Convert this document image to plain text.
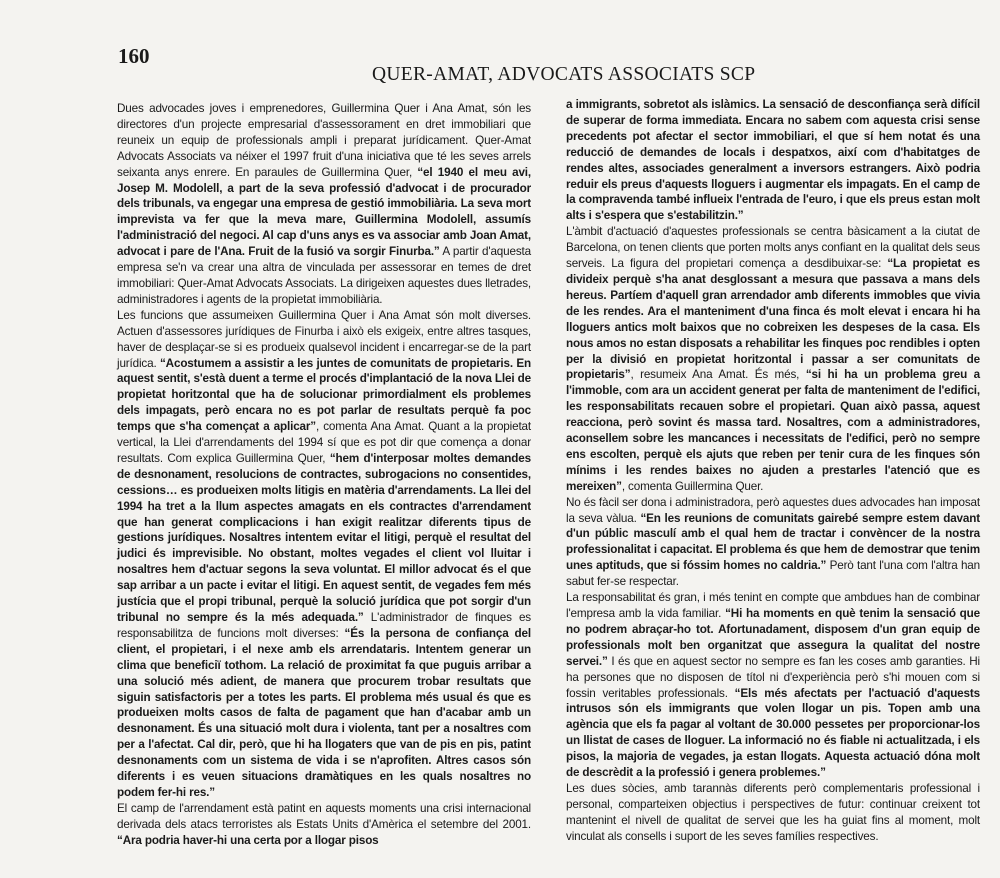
160
QUER-AMAT, ADVOCATS ASSOCIATS SCP

Dues advocades joves i emprenedores, Guillermina Quer i Ana Amat, són les directores d'un projecte empresarial d'assessorament en dret immobiliari que reuneix un equip de professionals ampli i preparat jurídicament. Quer-Amat Advocats Associats va néixer el 1997 fruit d'una iniciativa que té les seves arrels seixanta anys enrere. En paraules de Guillermina Quer, “el 1940 el meu avi, Josep M. Modolell, a part de la seva professió d'advocat i de procurador dels tribunals, va engegar una empresa de gestió immobiliària. La seva mort imprevista va fer que la meva mare, Guillermina Modolell, assumís l'administració del negoci. Al cap d'uns anys es va associar amb Joan Amat, advocat i pare de l'Ana. Fruit de la fusió va sorgir Finurba.” A partir d'aquesta empresa se'n va crear una altra de vinculada per assessorar en temes de dret immobiliari: Quer-Amat Advocats Associats. La dirigeixen aquestes dues lletrades, administradores i agents de la propietat immobiliària.

Les funcions que assumeixen Guillermina Quer i Ana Amat són molt diverses. Actuen d'assessores jurídiques de Finurba i això els exigeix, entre altres tasques, haver de desplaçar-se si es produeix qualsevol incident i encarregar-se de la part jurídica. “Acostumem a assistir a les juntes de comunitats de propietaris. En aquest sentit, s'està duent a terme el procés d'implantació de la nova Llei de propietat horitzontal que ha de solucionar primordialment els problemes dels impagats, però encara no es pot parlar de resultats perquè fa poc temps que s'ha començat a aplicar”, comenta Ana Amat. Quant a la propietat vertical, la Llei d'arrendaments del 1994 sí que es pot dir que comença a donar resultats. Com explica Guillermina Quer, “hem d'interposar moltes demandes de desnonament, resolucions de contractes, subrogacions no consentides, cessions… es produeixen molts litigis en matèria d'arrendaments. La llei del 1994 ha tret a la llum aspectes amagats en els contractes d'arrendament que han generat complicacions i han exigit realitzar diferents tipus de gestions jurídiques. Nosaltres intentem evitar el litigi, perquè el resultat del judici és imprevisible. No obstant, moltes vegades el client vol lluitar i nosaltres hem d'actuar segons la seva voluntat. El millor advocat és el que sap arribar a un pacte i evitar el litigi. En aquest sentit, de vegades fem més justícia que el propi tribunal, perquè la solució jurídica que pot sorgir d'un tribunal no sempre és la més adequada.” L'administrador de finques es responsabilitza de funcions molt diverses: “És la persona de confiança del client, el propietari, i el nexe amb els arrendataris. Intentem generar un clima que beneficiï tothom. La relació de proximitat fa que puguis arribar a una solució més adient, de manera que procurem trobar resultats que siguin satisfactoris per a totes les parts. El problema més usual és que es produeixen molts casos de falta de pagament que han d'acabar amb un desnonament. És una situació molt dura i violenta, tant per a nosaltres com per a l'afectat. Cal dir, però, que hi ha llogaters que van de pis en pis, patint desnonaments com un sistema de vida i se n'aprofiten. Altres casos són diferents i es veuen situacions dramàtiques en les quals nosaltres no podem fer-hi res.”

El camp de l'arrendament està patint en aquests moments una crisi internacional derivada dels atacs terroristes als Estats Units d'Amèrica el setembre del 2001. “Ara podria haver-hi una certa por a llogar pisos

a immigrants, sobretot als islàmics. La sensació de desconfiança serà difícil de superar de forma immediata. Encara no sabem com aquesta crisi sense precedents pot afectar el sector immobiliari, el que sí hem notat és una reducció de demandes de locals i despatxos, així com d'habitatges de rendes altes, associades generalment a inversors estrangers. Això podria reduir els preus d'aquests lloguers i augmentar els impagats. En el camp de la compravenda també influeix l'entrada de l'euro, i que els preus estan molt alts i s'espera que s'estabilitzin.”

L'àmbit d'actuació d'aquestes professionals se centra bàsicament a la ciutat de Barcelona, on tenen clients que porten molts anys confiant en la qualitat dels seus serveis. La figura del propietari comença a desdibuixar-se: “La propietat es divideix perquè s'ha anat desglossant a mesura que passava a mans dels hereus. Partíem d'aquell gran arrendador amb diferents immobles que vivia de les rendes. Ara el manteniment d'una finca és molt elevat i encara hi ha lloguers antics molt baixos que no cobreixen les despeses de la casa. Els nous amos no estan disposats a rehabilitar les finques poc rendibles i opten per la divisió en propietat horitzontal i passar a ser comunitats de propietaris”, resumeix Ana Amat. És més, “si hi ha un problema greu a l'immoble, com ara un accident generat per falta de manteniment de l'edifici, les responsabilitats recauen sobre el propietari. Quan això passa, aquest reacciona, però sovint és massa tard. Nosaltres, com a administradores, aconsellem sobre les mancances i necessitats de l'edifici, però no sempre ens escolten, perquè els ajuts que reben per tenir cura de les finques són mínims i les rendes baixes no ajuden a prestarles l'atenció que es mereixen”, comenta Guillermina Quer.

No és fàcil ser dona i administradora, però aquestes dues advocades han imposat la seva vàlua. “En les reunions de comunitats gairebé sempre estem davant d'un públic masculí amb el qual hem de tractar i convèncer de la nostra professionalitat i capacitat. El problema és que hem de demostrar que tenim unes aptituds, que si fóssim homes no caldria.” Però tant l'una com l'altra han sabut fer-se respectar.

La responsabilitat és gran, i més tenint en compte que ambdues han de combinar l'empresa amb la vida familiar. “Hi ha moments en què tenim la sensació que no podrem abraçar-ho tot. Afortunadament, disposem d'un gran equip de professionals molt ben organitzat que assegura la qualitat del nostre servei.” I és que en aquest sector no sempre es fan les coses amb garanties. Hi ha persones que no disposen de títol ni d'experiència però s'hi mouen com si fossin veritables professionals. “Els més afectats per l'actuació d'aquests intrusos són els immigrants que volen llogar un pis. Topen amb una agència que els fa pagar al voltant de 30.000 pessetes per proporcionar-los un llistat de cases de lloguer. La informació no és fiable ni actualitzada, i els pisos, la majoria de vegades, ja estan llogats. Aquesta actuació dóna molt de descrèdit a la professió i genera problemes.”

Les dues sòcies, amb tarannàs diferents però complementaris professional i personal, comparteixen objectius i perspectives de futur: continuar creixent tot mantenint el nivell de qualitat de servei que les ha guiat fins al moment, molt vinculat als consells i suport de les seves famílies respectives.
